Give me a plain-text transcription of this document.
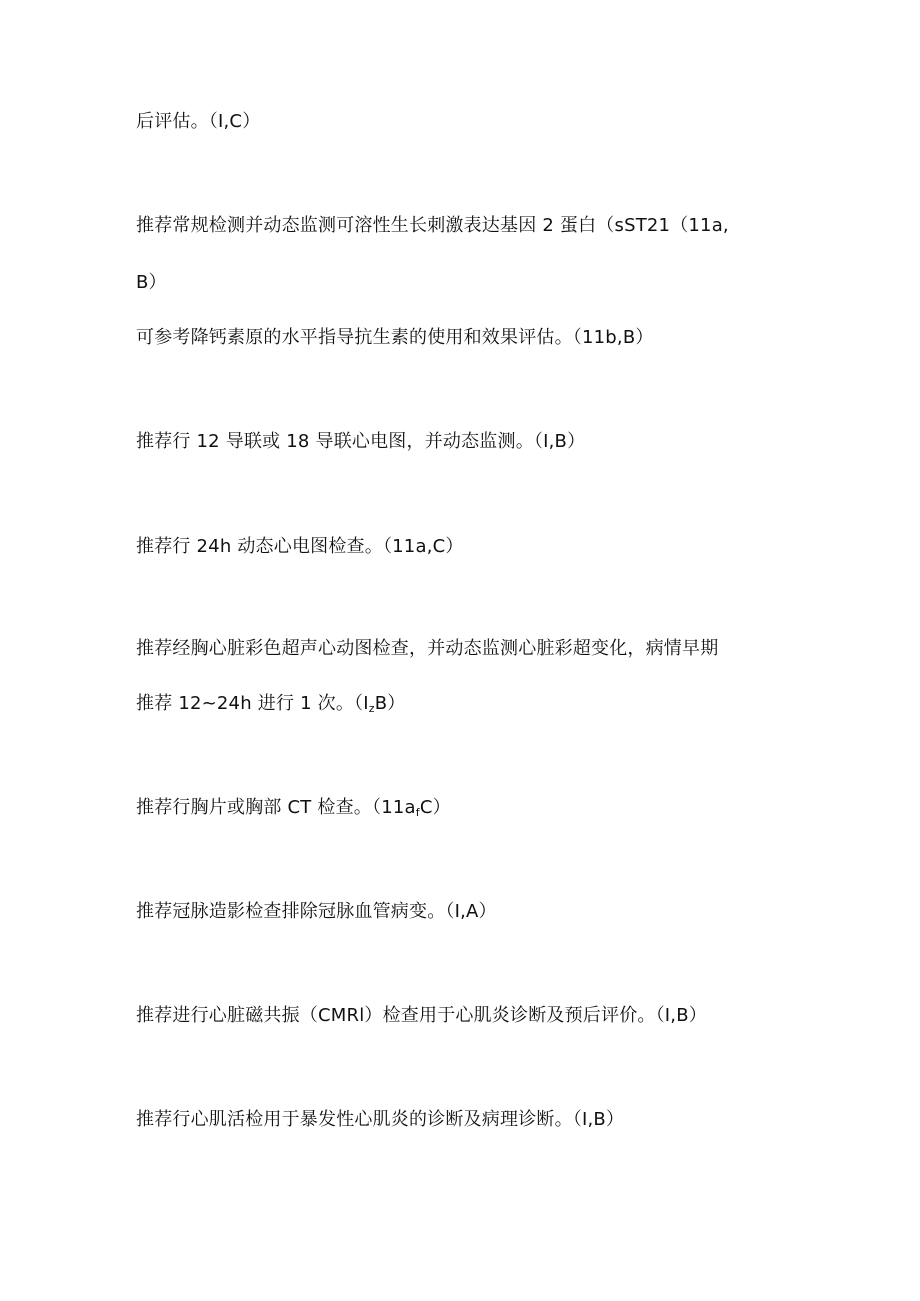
后评估。（I,C）
推荐常规检测并动态监测可溶性生长刺激表达基因 2 蛋白（sST21（11a,
B）
可参考降钙素原的水平指导抗生素的使用和效果评估。（11b,B）
推荐行 12 导联或 18 导联心电图，并动态监测。（I,B）
推荐行 24h 动态心电图检查。（11a,C）
推荐经胸心脏彩色超声心动图检查，并动态监测心脏彩超变化，病情早期
推荐 12~24h 进行 1 次。$(I_zB)$
推荐行胸片或胸部 CT 检查。$(11a_fC)$
推荐冠脉造影检查排除冠脉血管病变。（I,A）
推荐进行心脏磁共振（CMRl）检查用于心肌炎诊断及预后评价。（I,B）
推荐行心肌活检用于暴发性心肌炎的诊断及病理诊断。（I,B）
